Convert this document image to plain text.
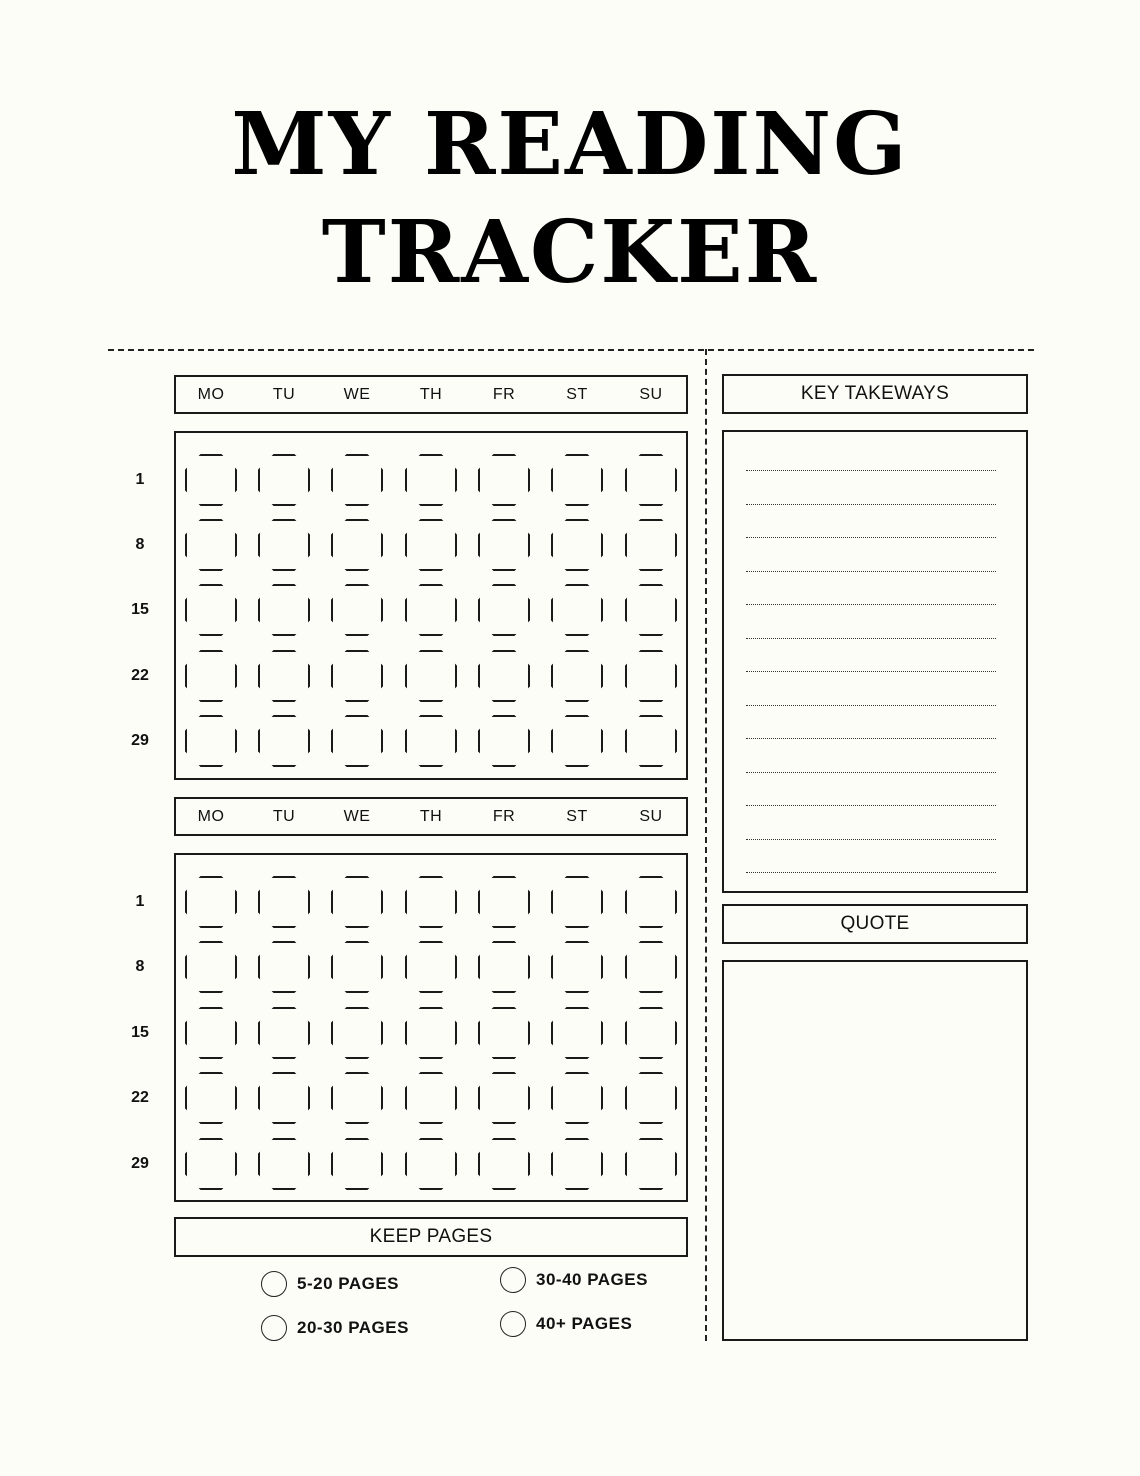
MY READING
TRACKER
MO	TU	WE	TH	FR	ST	SU
1
8
15
22
29
MO	TU	WE	TH	FR	ST	SU
1
8
15
22
29
KEEP PAGES
5-20 PAGES
20-30 PAGES
30-40 PAGES
40+ PAGES
KEY TAKEWAYS
QUOTE
